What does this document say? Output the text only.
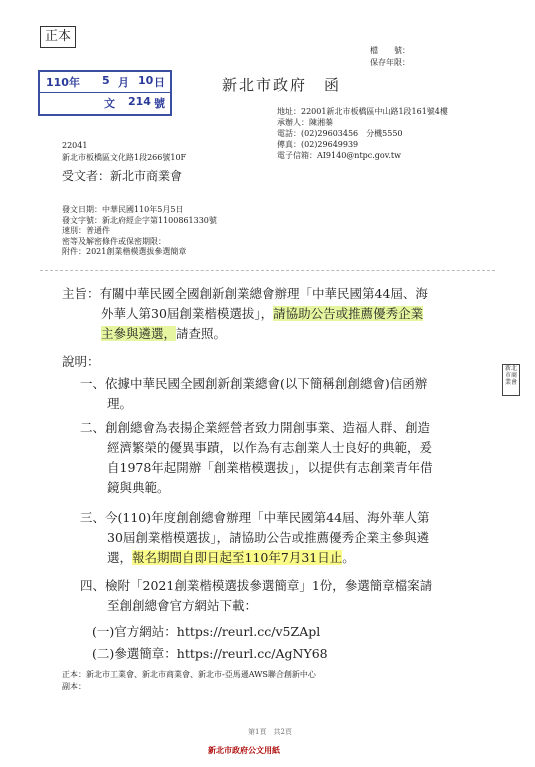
正本
檔　　號：
保存年限：
110年 5 月 10 日
文 214 號
新北市政府　函
地址：22001新北市板橋區中山路1段161號4樓
承辦人：陳湘蓁
電話：(02)29603456　分機5550
傳真：(02)29649939
電子信箱：AI9140@ntpc.gov.tw
22041
新北市板橋區文化路1段266號10F
受文者：新北市商業會
發文日期：中華民國110年5月5日
發文字號：新北府經企字第1100861330號
速別：普通件
密等及解密條件或保密期限：
附件：2021創業楷模選拔參選簡章
主旨：有關中華民國全國創新創業總會辦理「中華民國第44屆、海
外華人第30屆創業楷模選拔」，請協助公告或推薦優秀企業
主參與遴選，請查照。
說明：
一、依據中華民國全國創新創業總會(以下簡稱創創總會)信函辦
理。
二、創創總會為表揚企業經營者致力開創事業、造福人群、創造
經濟繁榮的優異事蹟，以作為有志創業人士良好的典範，爰
自1978年起開辦「創業楷模選拔」，以提供有志創業青年借
鏡與典範。
三、今(110)年度創創總會辦理「中華民國第44屆、海外華人第
30屆創業楷模選拔」，請協助公告或推薦優秀企業主參與遴
選，報名期間自即日起至110年7月31日止。
四、檢附「2021創業楷模選拔參選簡章」1份，參選簡章檔案請
至創創總會官方網站下載：
(一)官方網站：https://reurl.cc/v5ZApl
(二)參選簡章：https://reurl.cc/AgNY68
正本：新北市工業會、新北市商業會、新北市-亞馬遜AWS聯合創新中心
副本：
第1頁　共2頁
新北市政府公文用紙
新北市商業會
